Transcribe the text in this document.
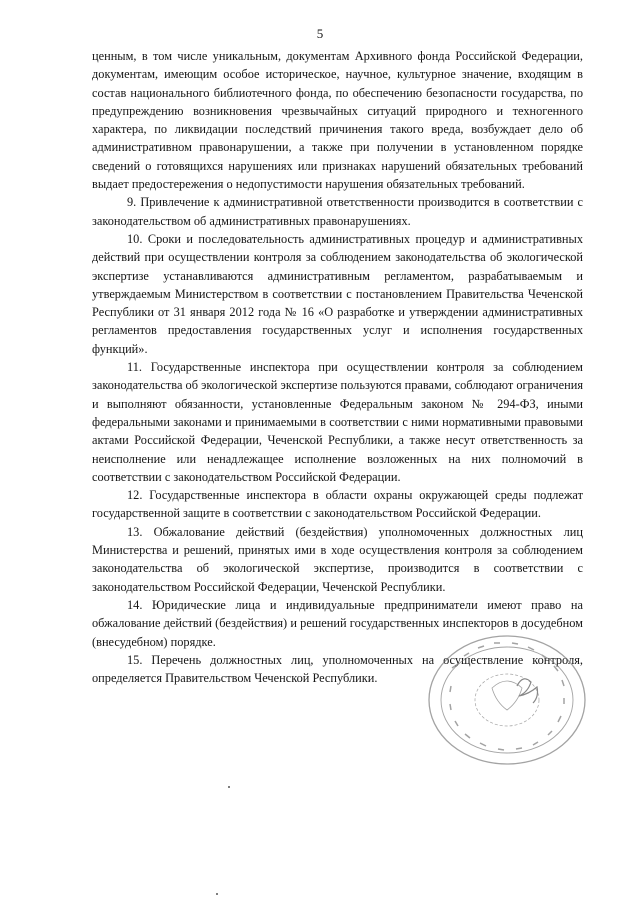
5

ценным, в том числе уникальным, документам Архивного фонда Российской Федерации, документам, имеющим особое историческое, научное, культурное значение, входящим в состав национального библиотечного фонда, по обеспечению безопасности государства, по предупреждению возникновения чрезвычайных ситуаций природного и техногенного характера, по ликвидации последствий причинения такого вреда, возбуждает дело об административном правонарушении, а также при получении в установленном порядке сведений о готовящихся нарушениях или признаках нарушений обязательных требований выдает предостережения о недопустимости нарушения обязательных требований.

9. Привлечение к административной ответственности производится в соответствии с законодательством об административных правонарушениях.

10. Сроки и последовательность административных процедур и административных действий при осуществлении контроля за соблюдением законодательства об экологической экспертизе устанавливаются административным регламентом, разрабатываемым и утверждаемым Министерством в соответствии с постановлением Правительства Чеченской Республики от 31 января 2012 года № 16 «О разработке и утверждении административных регламентов предоставления государственных услуг и исполнения государственных функций».

11. Государственные инспектора при осуществлении контроля за соблюдением законодательства об экологической экспертизе пользуются правами, соблюдают ограничения и выполняют обязанности, установленные Федеральным законом № 294-ФЗ, иными федеральными законами и принимаемыми в соответствии с ними нормативными правовыми актами Российской Федерации, Чеченской Республики, а также несут ответственность за неисполнение или ненадлежащее исполнение возложенных на них полномочий в соответствии с законодательством Российской Федерации.

12. Государственные инспектора в области охраны окружающей среды подлежат государственной защите в соответствии с законодательством Российской Федерации.

13. Обжалование действий (бездействия) уполномоченных должностных лиц Министерства и решений, принятых ими в ходе осуществления контроля за соблюдением законодательства об экологической экспертизе, производится в соответствии с законодательством Российской Федерации, Чеченской Республики.

14. Юридические лица и индивидуальные предприниматели имеют право на обжалование действий (бездействия) и решений государственных инспекторов в досудебном (внесудебном) порядке.

15. Перечень должностных лиц, уполномоченных на осуществление контроля, определяется Правительством Чеченской Республики.
